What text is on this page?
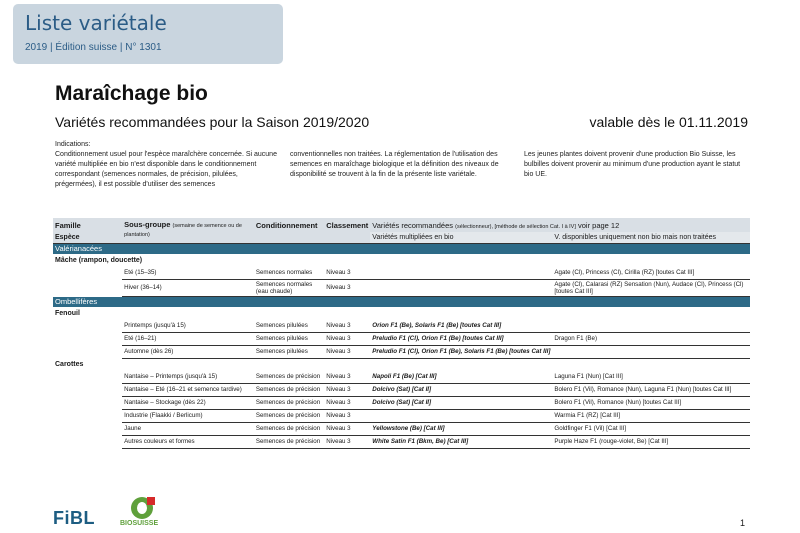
Liste variétale
2019 | Édition suisse | N° 1301
Maraîchage bio
Variétés recommandées pour la Saison 2019/2020	valable dès le 01.11.2019
Indications:
Conditionnement usuel pour l'espèce maraîchère concernée. Si aucune variété multipliée en bio n'est disponible dans le conditionnement correspondant (semences normales, de précision, pilulées, prégermées), il est possible d'utiliser des semences
conventionnelles non traitées. La réglementation de l'utilisation des semences en maraîchage biologique et la définition des niveaux de disponibilité se trouvent à la fin de la présente liste variétale.
Les jeunes plantes doivent provenir d'une production Bio Suisse, les bulbilles doivent provenir au minimum d'une production ayant le statut bio UE.
Famille	Sous-groupe (semaine de semence ou de plantation)	Conditionnement	Classement	Variétés recommandées (sélectionneur), [méthode de sélection Cat. I à IV] voir page 12	
Espèce				Variétés multipliées en bio	V. disponibles uniquement non bio mais non traitées
Valérianacées					
Mâche (rampon, doucette)					
	Eté (15–35)	Semences normales	Niveau 3		Agate (Cl), Princess (Cl), Cirilla (RZ) [toutes Cat III]
	Hiver (36–14)	Semences normales (eau chaude)	Niveau 3		Agate (Cl), Calarasi (RZ) Sensation (Nun), Audace (Cl), Princess (Cl) [toutes Cat III]
Ombellifères					
Fenouil					
	Printemps (jusqu'à 15)	Semences pilulées	Niveau 3	Orion F1 (Be), Solaris F1 (Be) [toutes Cat III]	
	Eté (16–21)	Semences pilulées	Niveau 3	Preludio F1 (Cl), Orion F1 (Be) [toutes Cat III]	Dragon F1 (Be)
	Automne (dès 26)	Semences pilulées	Niveau 3	Preludio F1 (Cl), Orion F1 (Be), Solaris F1 (Be) [toutes Cat III]	
Carottes					
	Nantaise – Printemps (jusqu'à 15)	Semences de précision	Niveau 3	Napoli F1 (Be) [Cat III]	Laguna F1 (Nun) [Cat III]
	Nantaise – Eté (16–21 et semence tardive)	Semences de précision	Niveau 3	Dolcivo (Sat) [Cat II]	Bolero F1 (Vil), Romance (Nun), Laguna F1 (Nun) [toutes Cat III]
	Nantaise – Stockage (dès 22)	Semences de précision	Niveau 3	Dolcivo (Sat) [Cat II]	Bolero F1 (Vil), Romance (Nun) [toutes Cat III]
	Industrie (Flaakki / Berlicum)	Semences de précision	Niveau 3		Warmia F1 (RZ) [Cat III]
	Jaune	Semences de précision	Niveau 3	Yellowstone (Be) [Cat III]	Goldfinger F1 (Vil) [Cat III]
	Autres couleurs et formes	Semences de précision	Niveau 3	White Satin F1 (Bkm, Be) [Cat III]	Purple Haze F1 (rouge-violet, Be) [Cat III]
FiBL	BIOSUISSE	1
